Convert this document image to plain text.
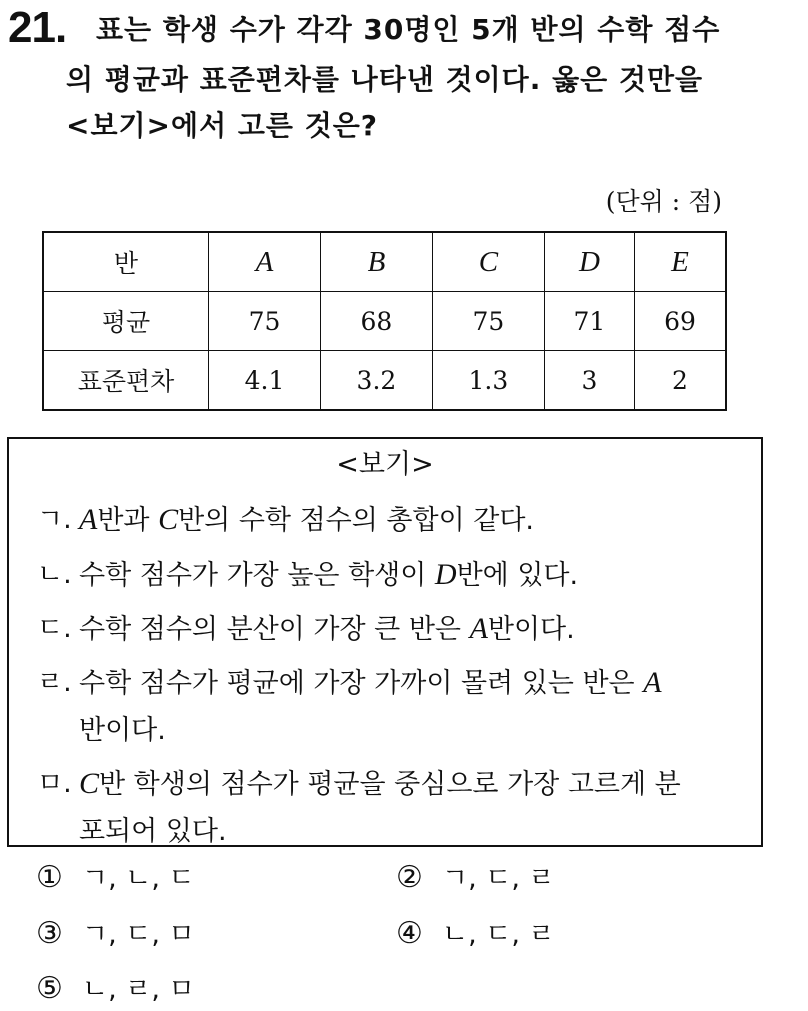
21. 표는 학생 수가 각각 30명인 5개 반의 수학 점수
의 평균과 표준편차를 나타낸 것이다. 옳은 것만을
<보기>에서 고른 것은?
(단위 : 점)
반	A	B	C	D	E
평균	75	68	75	71	69
표준편차	4.1	3.2	1.3	3	2
<보기>
ㄱ. A반과 C반의 수학 점수의 총합이 같다.
ㄴ. 수학 점수가 가장 높은 학생이 D반에 있다.
ㄷ. 수학 점수의 분산이 가장 큰 반은 A반이다.
ㄹ. 수학 점수가 평균에 가장 가까이 몰려 있는 반은 A
반이다.
ㅁ. C반 학생의 점수가 평균을 중심으로 가장 고르게 분
포되어 있다.
① ㄱ, ㄴ, ㄷ	② ㄱ, ㄷ, ㄹ
③ ㄱ, ㄷ, ㅁ	④ ㄴ, ㄷ, ㄹ
⑤ ㄴ, ㄹ, ㅁ
